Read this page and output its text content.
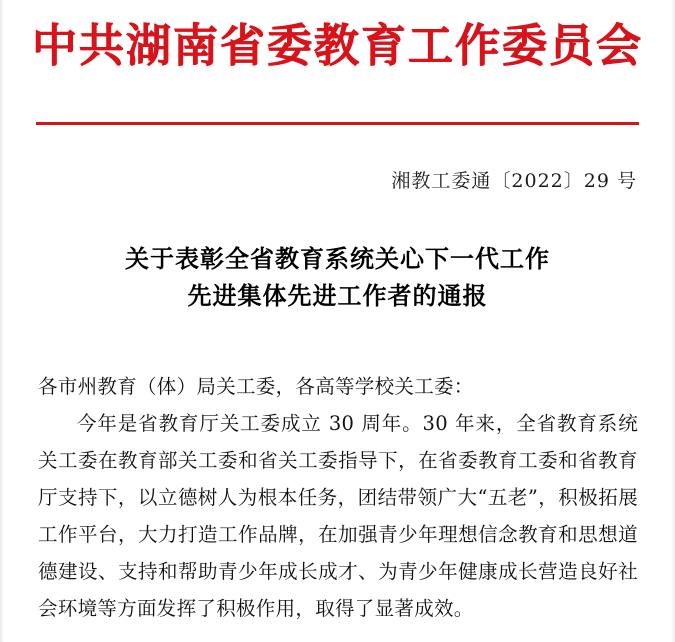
中共湖南省委教育工作委员会
湘教工委通〔2022〕29 号
关于表彰全省教育系统关心下一代工作
先进集体先进工作者的通报
各市州教育（体）局关工委，各高等学校关工委：

今年是省教育厅关工委成立 30 周年。30 年来，全省教育系统关工委在教育部关工委和省关工委指导下，在省委教育工委和省教育厅支持下，以立德树人为根本任务，团结带领广大“五老”，积极拓展工作平台，大力打造工作品牌，在加强青少年理想信念教育和思想道德建设、支持和帮助青少年成长成才、为青少年健康成长营造良好社会环境等方面发挥了积极作用，取得了显著成效。
